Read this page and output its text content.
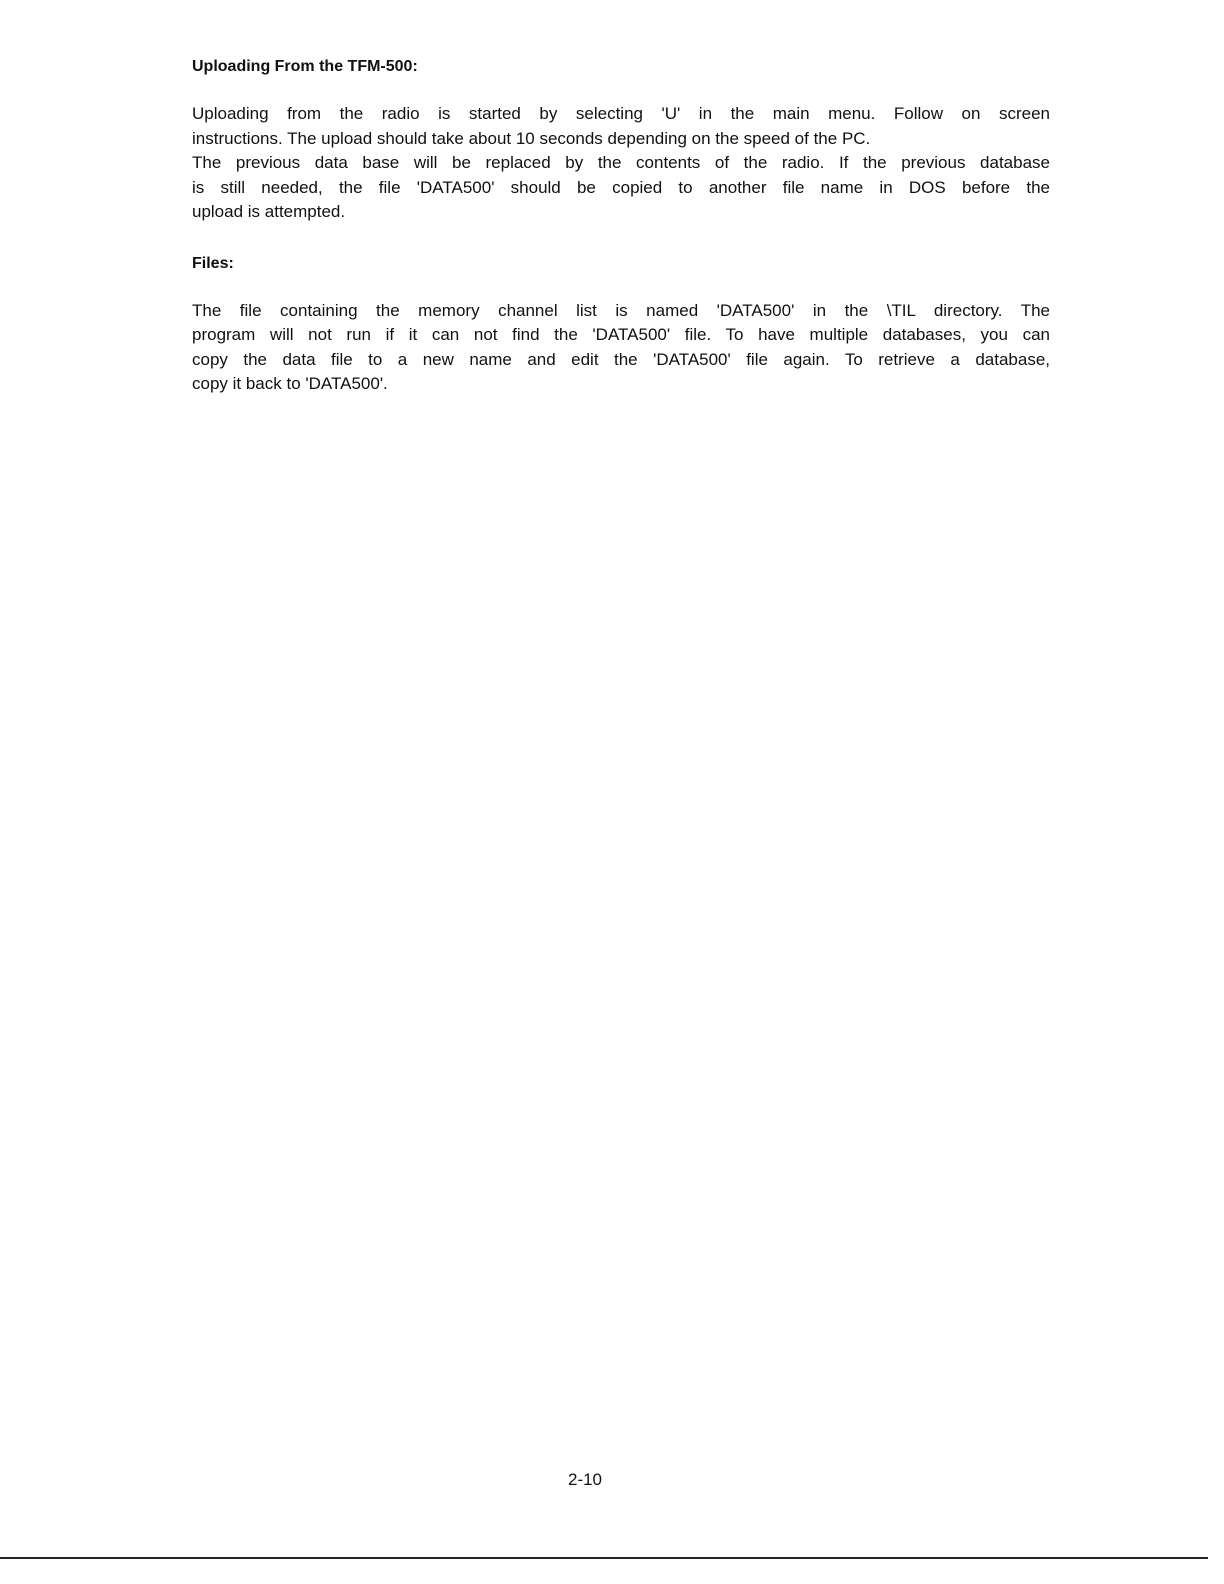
Uploading From the TFM-500:
Uploading from the radio is started by selecting 'U' in the main menu. Follow on screen
instructions. The upload should take about 10 seconds depending on the speed of the PC.
The previous data base will be replaced by the contents of the radio. If the previous database
is still needed, the file 'DATA500' should be copied to another file name in DOS before the
upload is attempted.
Files:
The file containing the memory channel list is named 'DATA500' in the \TIL directory. The
program will not run if it can not find the 'DATA500' file. To have multiple databases, you can
copy the data file to a new name and edit the 'DATA500' file again. To retrieve a database,
copy it back to 'DATA500'.
2-10
